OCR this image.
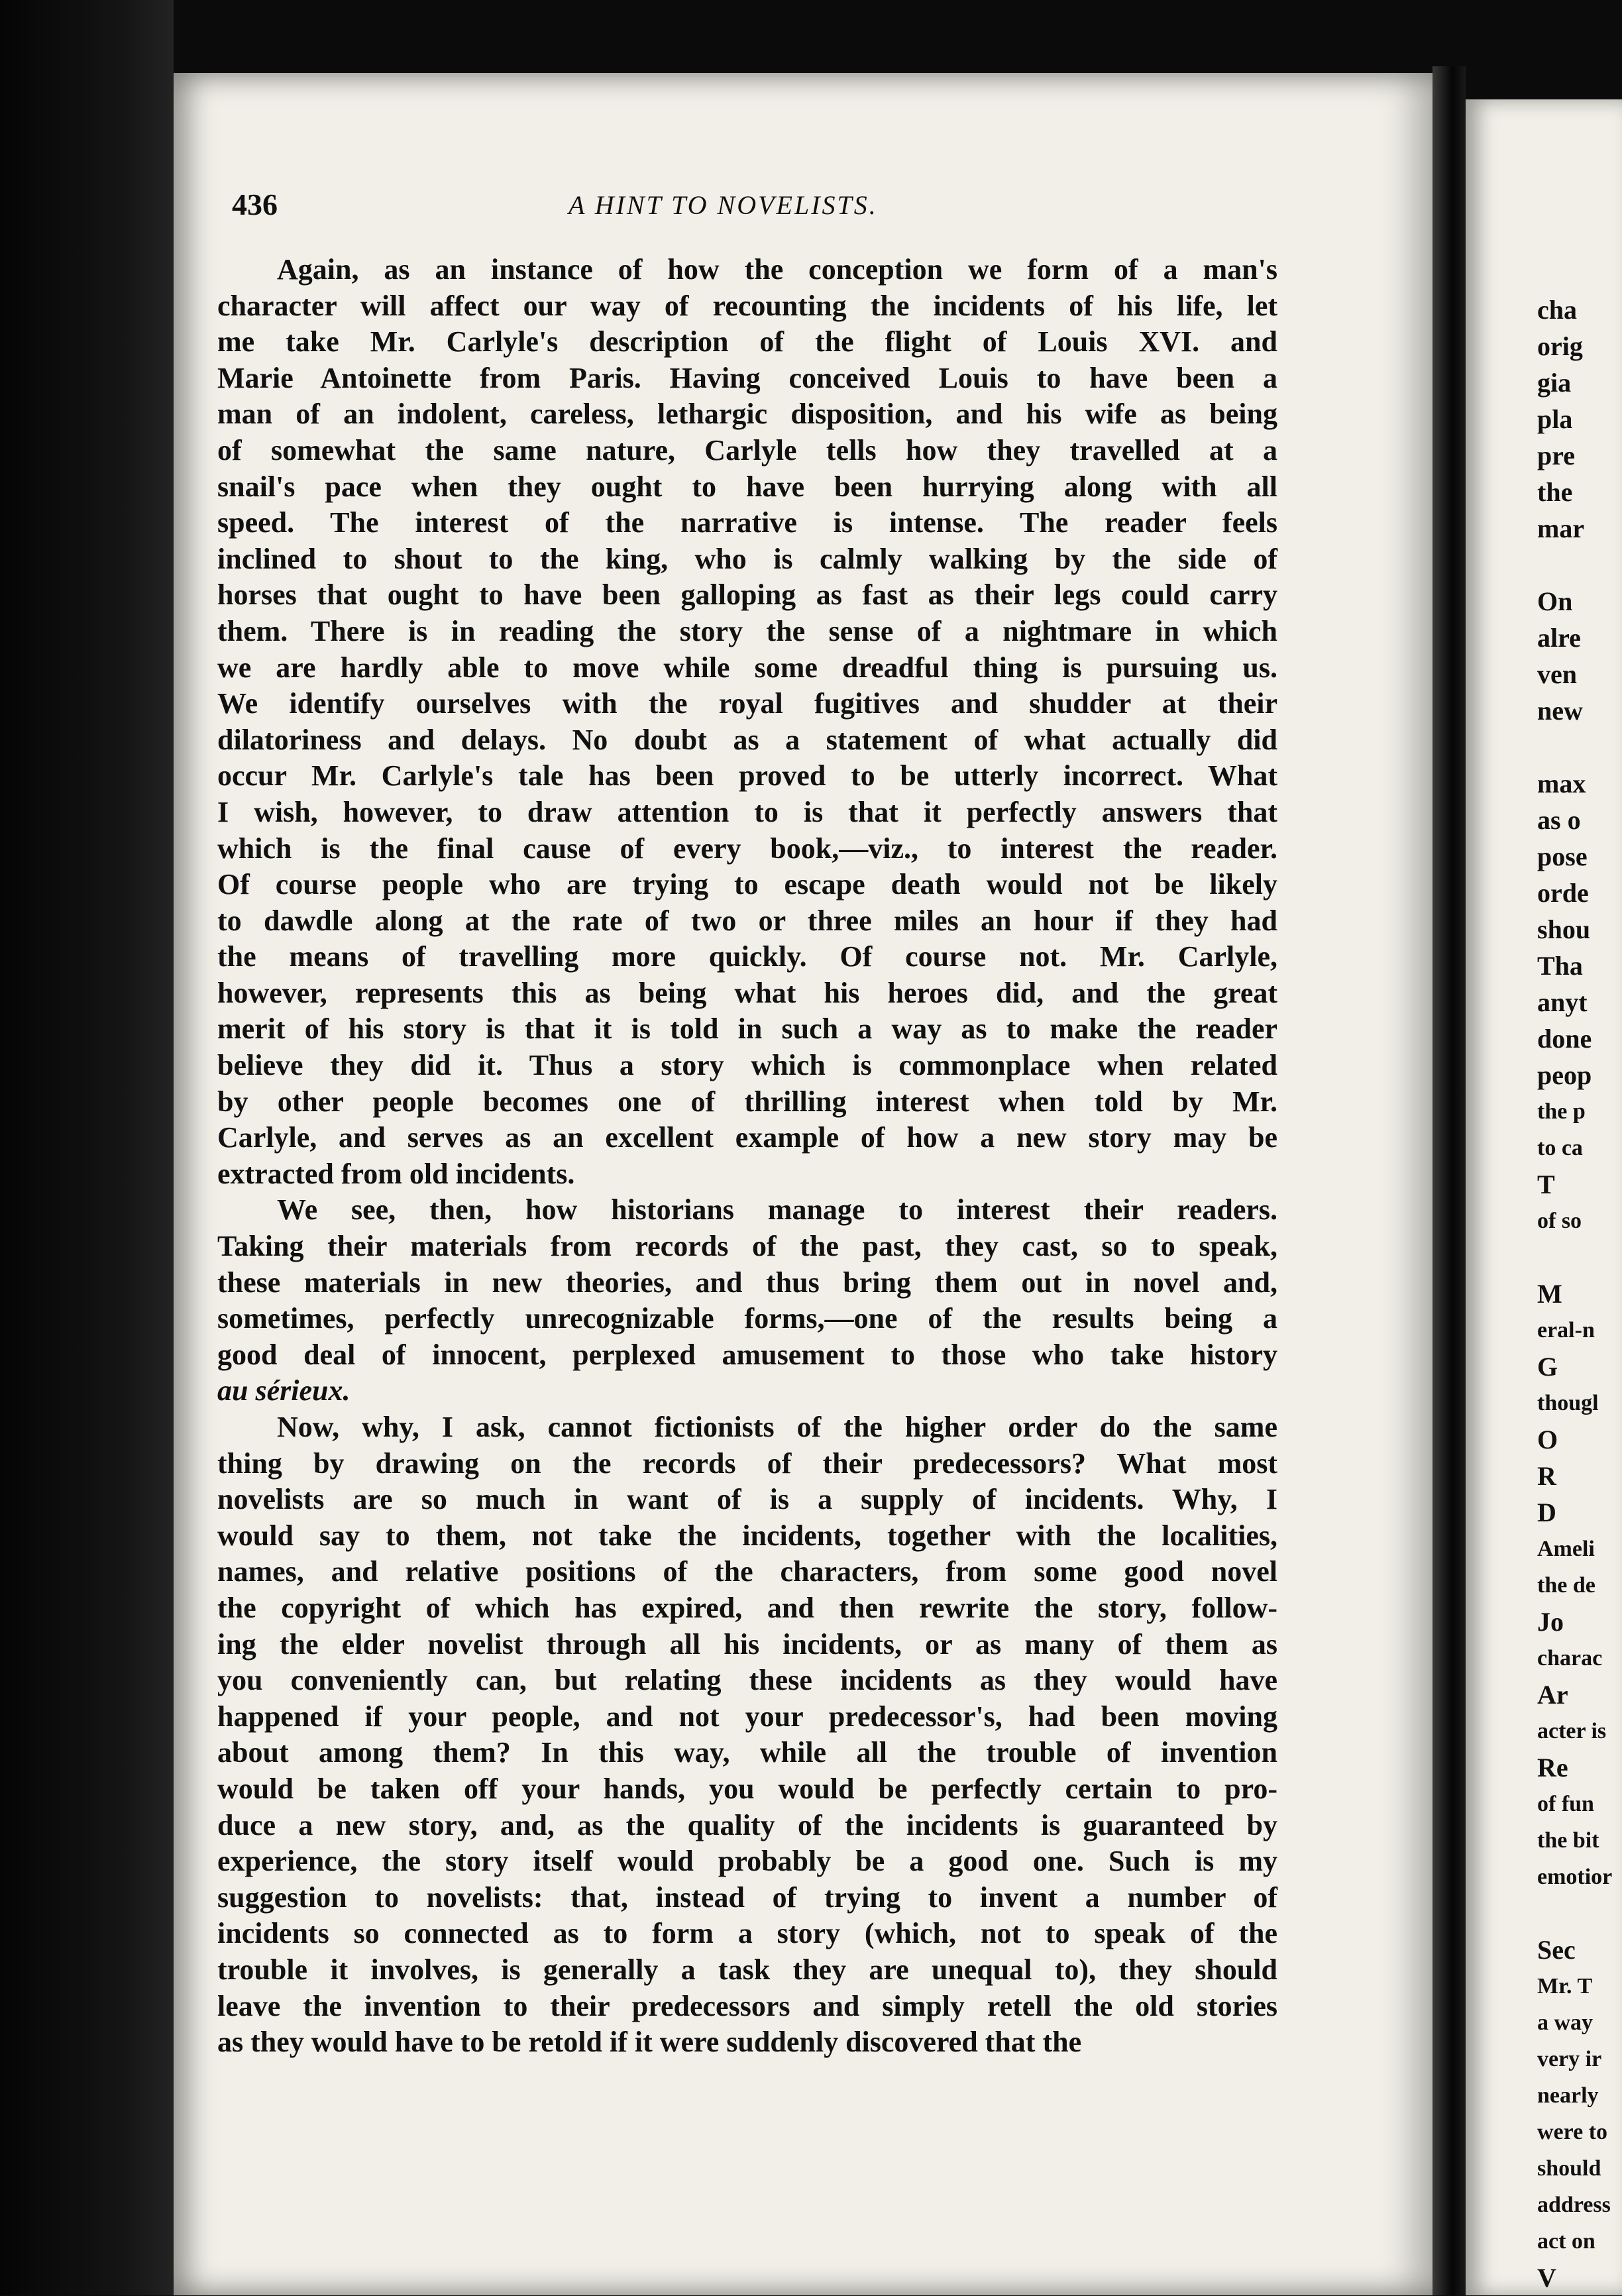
436	A HINT TO NOVELISTS.
Again, as an instance of how the conception we form of a man's
character will affect our way of recounting the incidents of his life, let
me take Mr. Carlyle's description of the flight of Louis XVI. and
Marie Antoinette from Paris. Having conceived Louis to have been a
man of an indolent, careless, lethargic disposition, and his wife as being
of somewhat the same nature, Carlyle tells how they travelled at a
snail's pace when they ought to have been hurrying along with all
speed. The interest of the narrative is intense. The reader feels
inclined to shout to the king, who is calmly walking by the side of
horses that ought to have been galloping as fast as their legs could carry
them. There is in reading the story the sense of a nightmare in which
we are hardly able to move while some dreadful thing is pursuing us.
We identify ourselves with the royal fugitives and shudder at their
dilatoriness and delays. No doubt as a statement of what actually did
occur Mr. Carlyle's tale has been proved to be utterly incorrect. What
I wish, however, to draw attention to is that it perfectly answers that
which is the final cause of every book,—viz., to interest the reader.
Of course people who are trying to escape death would not be likely
to dawdle along at the rate of two or three miles an hour if they had
the means of travelling more quickly. Of course not. Mr. Carlyle,
however, represents this as being what his heroes did, and the great
merit of his story is that it is told in such a way as to make the reader
believe they did it. Thus a story which is commonplace when related
by other people becomes one of thrilling interest when told by Mr.
Carlyle, and serves as an excellent example of how a new story may be
extracted from old incidents.
We see, then, how historians manage to interest their readers.
Taking their materials from records of the past, they cast, so to speak,
these materials in new theories, and thus bring them out in novel and,
sometimes, perfectly unrecognizable forms,—one of the results being a
good deal of innocent, perplexed amusement to those who take history
au sérieux.
Now, why, I ask, cannot fictionists of the higher order do the same
thing by drawing on the records of their predecessors? What most
novelists are so much in want of is a supply of incidents. Why, I
would say to them, not take the incidents, together with the localities,
names, and relative positions of the characters, from some good novel
the copyright of which has expired, and then rewrite the story, follow-
ing the elder novelist through all his incidents, or as many of them as
you conveniently can, but relating these incidents as they would have
happened if your people, and not your predecessor's, had been moving
about among them? In this way, while all the trouble of invention
would be taken off your hands, you would be perfectly certain to pro-
duce a new story, and, as the quality of the incidents is guaranteed by
experience, the story itself would probably be a good one. Such is my
suggestion to novelists: that, instead of trying to invent a number of
incidents so connected as to form a story (which, not to speak of the
trouble it involves, is generally a task they are unequal to), they should
leave the invention to their predecessors and simply retell the old stories
as they would have to be retold if it were suddenly discovered that the
cha
orig
gia
pla
pre
the
mar
On
alre
ven
new
max
as o
pose
orde
shou
Tha
anyt
done
peop
the p
to ca
T
of so
M
eral-n
G
thougl
O
R
D
Ameli
the de
Jo
charac
Ar
acter is
Re
of fun
the bit
emotior
Sec
Mr. T
a way
very ir
nearly
were to
should
address
act on
V
